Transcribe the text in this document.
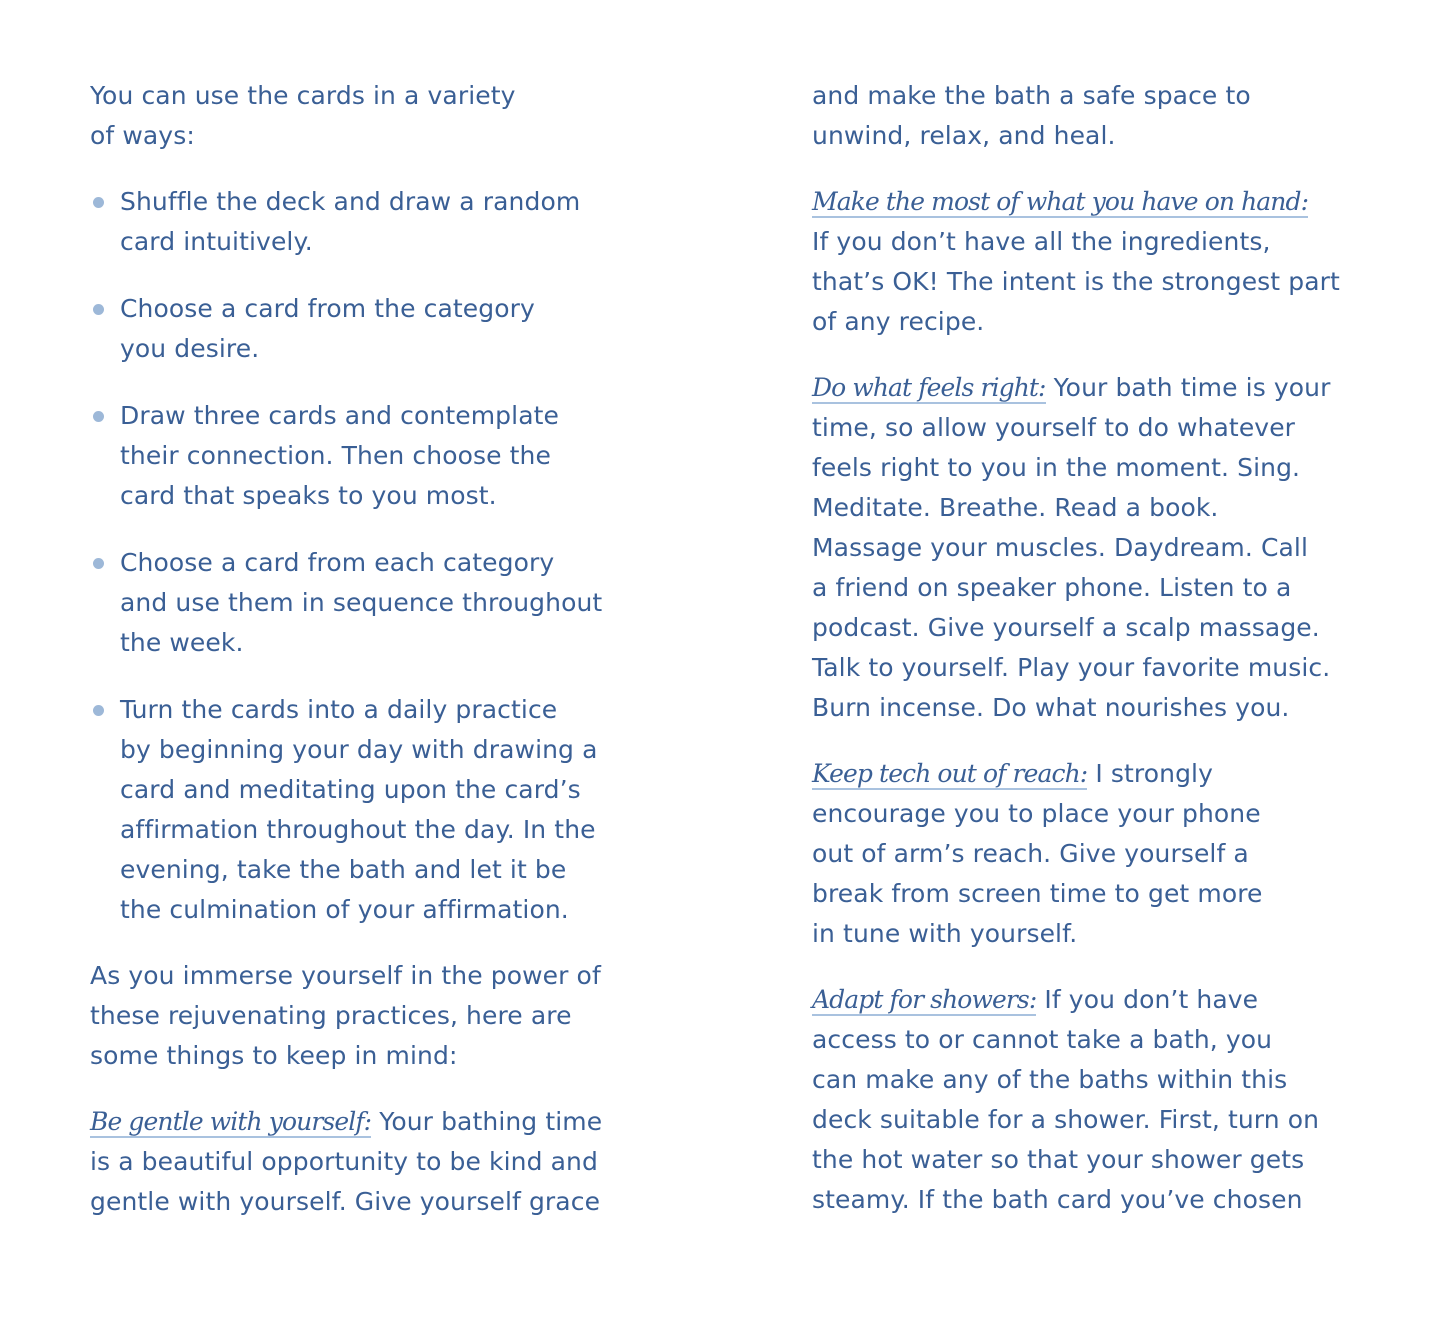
You can use the cards in a variety
of ways:
Shuffle the deck and draw a random
card intuitively.
Choose a card from the category
you desire.
Draw three cards and contemplate
their connection. Then choose the
card that speaks to you most.
Choose a card from each category
and use them in sequence throughout
the week.
Turn the cards into a daily practice
by beginning your day with drawing a
card and meditating upon the card’s
affirmation throughout the day. In the
evening, take the bath and let it be
the culmination of your affirmation.
As you immerse yourself in the power of
these rejuvenating practices, here are
some things to keep in mind:
Be gentle with yourself: Your bathing time
is a beautiful opportunity to be kind and
gentle with yourself. Give yourself grace
and make the bath a safe space to
unwind, relax, and heal.
Make the most of what you have on hand:
If you don’t have all the ingredients,
that’s OK! The intent is the strongest part
of any recipe.
Do what feels right: Your bath time is your
time, so allow yourself to do whatever
feels right to you in the moment. Sing.
Meditate. Breathe. Read a book.
Massage your muscles. Daydream. Call
a friend on speaker phone. Listen to a
podcast. Give yourself a scalp massage.
Talk to yourself. Play your favorite music.
Burn incense. Do what nourishes you.
Keep tech out of reach: I strongly
encourage you to place your phone
out of arm’s reach. Give yourself a
break from screen time to get more
in tune with yourself.
Adapt for showers: If you don’t have
access to or cannot take a bath, you
can make any of the baths within this
deck suitable for a shower. First, turn on
the hot water so that your shower gets
steamy. If the bath card you’ve chosen
